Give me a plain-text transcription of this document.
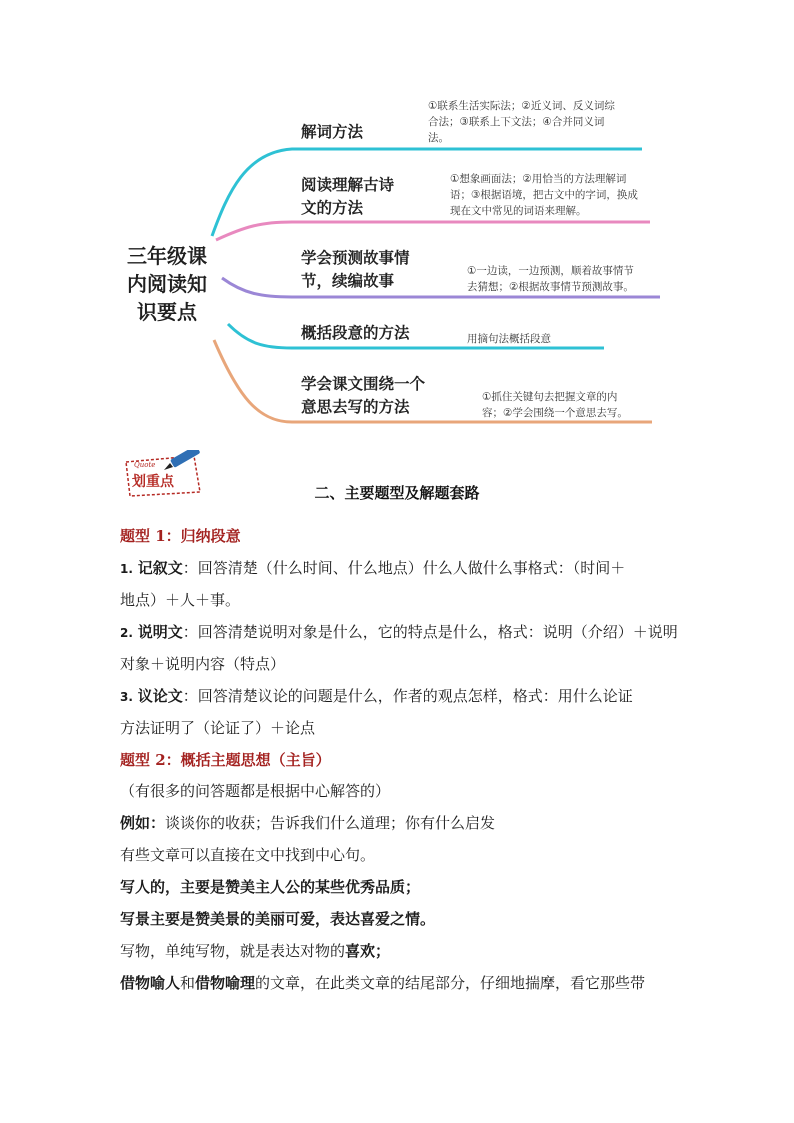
三年级课
内阅读知
识要点
解词方法
①联系生活实际法；②近义词、反义词综
合法；③联系上下文法；④合并同义词
法。
阅读理解古诗
文的方法
①想象画面法；②用恰当的方法理解词
语；③根据语境，把古文中的字词，换成
现在文中常见的词语来理解。
学会预测故事情
节，续编故事
①一边读，一边预测，顺着故事情节
去猜想；②根据故事情节预测故事。
概括段意的方法	用摘句法概括段意
学会课文围绕一个
意思去写的方法
①抓住关键句去把握文章的内
容；②学会围绕一个意思去写。
Quote
划重点
二、主要题型及解题套路
题型 1：归纳段意
1. 记叙文：回答清楚（什么时间、什么地点）什么人做什么事格式：（时间＋
地点）＋人＋事。
2. 说明文：回答清楚说明对象是什么，它的特点是什么，格式：说明（介绍）＋说明
对象＋说明内容（特点）
3. 议论文：回答清楚议论的问题是什么，作者的观点怎样，格式：用什么论证
方法证明了（论证了）＋论点
题型 2：概括主题思想（主旨）
（有很多的问答题都是根据中心解答的）
例如：谈谈你的收获；告诉我们什么道理；你有什么启发
有些文章可以直接在文中找到中心句。
写人的，主要是赞美主人公的某些优秀品质；
写景主要是赞美景的美丽可爱，表达喜爱之情。
写物，单纯写物，就是表达对物的喜欢；
借物喻人和借物喻理的文章，在此类文章的结尾部分，仔细地揣摩，看它那些带
